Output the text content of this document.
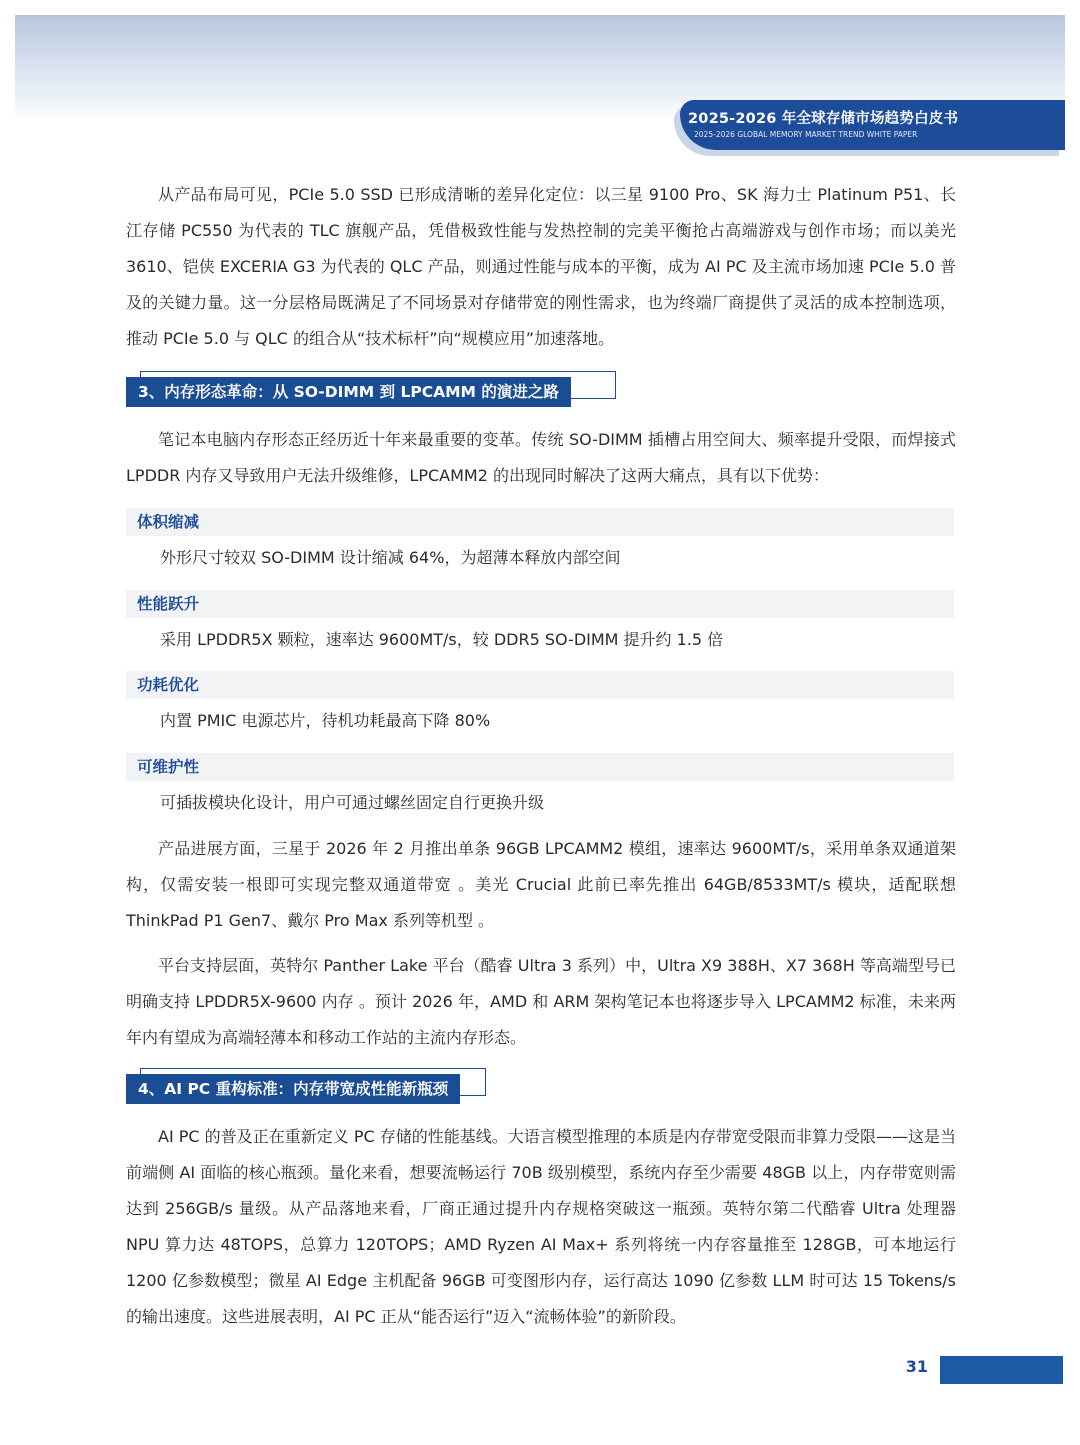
2025-2026 年全球存储市场趋势白皮书
2025-2026 GLOBAL MEMORY MARKET TREND WHITE PAPER

从产品布局可见，PCIe 5.0 SSD 已形成清晰的差异化定位：以三星 9100 Pro、SK 海力士 Platinum P51、长江存储 PC550 为代表的 TLC 旗舰产品，凭借极致性能与发热控制的完美平衡抢占高端游戏与创作市场；而以美光 3610、铠侠 EXCERIA G3 为代表的 QLC 产品，则通过性能与成本的平衡，成为 AI PC 及主流市场加速 PCIe 5.0 普及的关键力量。这一分层格局既满足了不同场景对存储带宽的刚性需求，也为终端厂商提供了灵活的成本控制选项，推动 PCIe 5.0 与 QLC 的组合从“技术标杆”向“规模应用”加速落地。

3、内存形态革命：从 SO-DIMM 到 LPCAMM 的演进之路

笔记本电脑内存形态正经历近十年来最重要的变革。传统 SO-DIMM 插槽占用空间大、频率提升受限，而焊接式 LPDDR 内存又导致用户无法升级维修，LPCAMM2 的出现同时解决了这两大痛点，具有以下优势：

体积缩减
外形尺寸较双 SO-DIMM 设计缩减 64%，为超薄本释放内部空间
性能跃升
采用 LPDDR5X 颗粒，速率达 9600MT/s，较 DDR5 SO-DIMM 提升约 1.5 倍
功耗优化
内置 PMIC 电源芯片，待机功耗最高下降 80%
可维护性
可插拔模块化设计，用户可通过螺丝固定自行更换升级

产品进展方面，三星于 2026 年 2 月推出单条 96GB LPCAMM2 模组，速率达 9600MT/s，采用单条双通道架构，仅需安装一根即可实现完整双通道带宽 。美光 Crucial 此前已率先推出 64GB/8533MT/s 模块，适配联想 ThinkPad P1 Gen7、戴尔 Pro Max 系列等机型 。

平台支持层面，英特尔 Panther Lake 平台（酷睿 Ultra 3 系列）中，Ultra X9 388H、X7 368H 等高端型号已明确支持 LPDDR5X-9600 内存 。预计 2026 年，AMD 和 ARM 架构笔记本也将逐步导入 LPCAMM2 标准，未来两年内有望成为高端轻薄本和移动工作站的主流内存形态。

4、AI PC 重构标准：内存带宽成性能新瓶颈

AI PC 的普及正在重新定义 PC 存储的性能基线。大语言模型推理的本质是内存带宽受限而非算力受限——这是当前端侧 AI 面临的核心瓶颈。量化来看，想要流畅运行 70B 级别模型，系统内存至少需要 48GB 以上，内存带宽则需达到 256GB/s 量级。从产品落地来看，厂商正通过提升内存规格突破这一瓶颈。英特尔第二代酷睿 Ultra 处理器 NPU 算力达 48TOPS，总算力 120TOPS；AMD Ryzen AI Max+ 系列将统一内存容量推至 128GB，可本地运行 1200 亿参数模型；微星 AI Edge 主机配备 96GB 可变图形内存，运行高达 1090 亿参数 LLM 时可达 15 Tokens/s 的输出速度。这些进展表明，AI PC 正从“能否运行”迈入“流畅体验”的新阶段。

31
